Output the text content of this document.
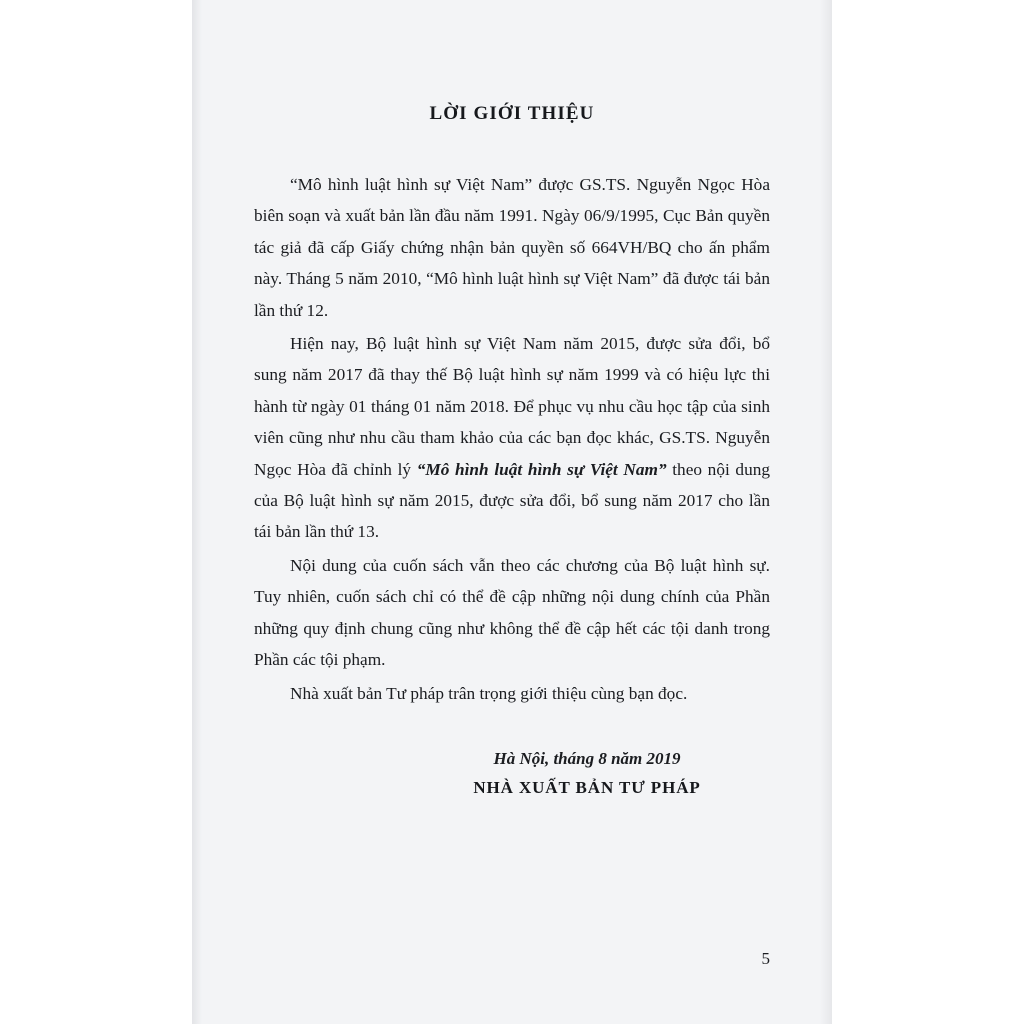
LỜI GIỚI THIỆU

“Mô hình luật hình sự Việt Nam” được GS.TS. Nguyễn Ngọc Hòa biên soạn và xuất bản lần đầu năm 1991. Ngày 06/9/1995, Cục Bản quyền tác giả đã cấp Giấy chứng nhận bản quyền số 664VH/BQ cho ấn phẩm này. Tháng 5 năm 2010, “Mô hình luật hình sự Việt Nam” đã được tái bản lần thứ 12.

Hiện nay, Bộ luật hình sự Việt Nam năm 2015, được sửa đổi, bổ sung năm 2017 đã thay thế Bộ luật hình sự năm 1999 và có hiệu lực thi hành từ ngày 01 tháng 01 năm 2018. Để phục vụ nhu cầu học tập của sinh viên cũng như nhu cầu tham khảo của các bạn đọc khác, GS.TS. Nguyễn Ngọc Hòa đã chỉnh lý “Mô hình luật hình sự Việt Nam” theo nội dung của Bộ luật hình sự năm 2015, được sửa đổi, bổ sung năm 2017 cho lần tái bản lần thứ 13.

Nội dung của cuốn sách vẫn theo các chương của Bộ luật hình sự. Tuy nhiên, cuốn sách chỉ có thể đề cập những nội dung chính của Phần những quy định chung cũng như không thể đề cập hết các tội danh trong Phần các tội phạm.

Nhà xuất bản Tư pháp trân trọng giới thiệu cùng bạn đọc.

Hà Nội, tháng 8 năm 2019
NHÀ XUẤT BẢN TƯ PHÁP
5
